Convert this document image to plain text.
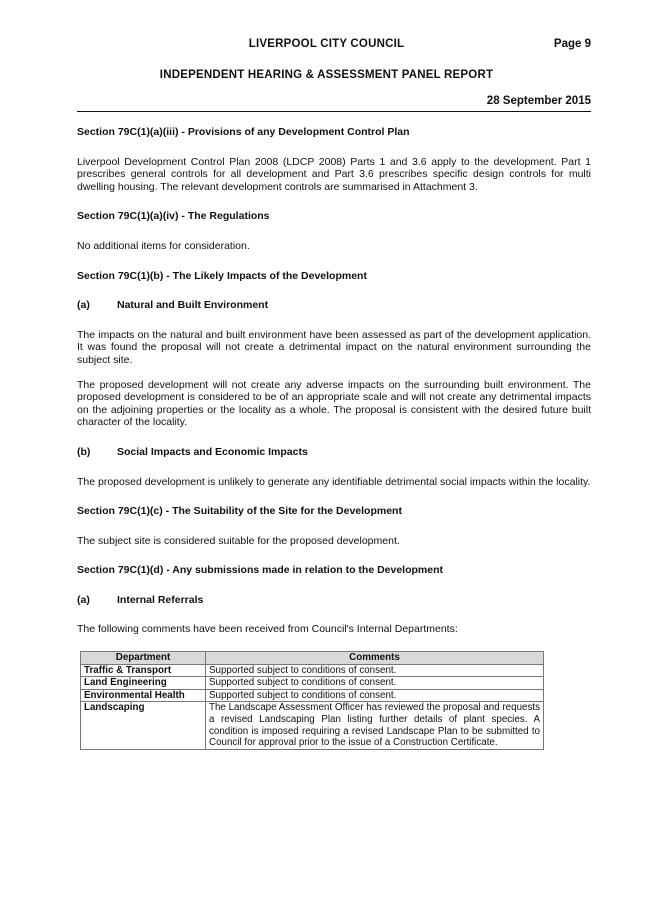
LIVERPOOL CITY COUNCIL	Page 9
INDEPENDENT HEARING & ASSESSMENT PANEL REPORT
28 September 2015

Section 79C(1)(a)(iii) - Provisions of any Development Control Plan

Liverpool Development Control Plan 2008 (LDCP 2008) Parts 1 and 3.6 apply to the development. Part 1 prescribes general controls for all development and Part 3.6 prescribes specific design controls for multi dwelling housing. The relevant development controls are summarised in Attachment 3.

Section 79C(1)(a)(iv) - The Regulations

No additional items for consideration.

Section 79C(1)(b) - The Likely Impacts of the Development

(a)	Natural and Built Environment

The impacts on the natural and built environment have been assessed as part of the development application. It was found the proposal will not create a detrimental impact on the natural environment surrounding the subject site.

The proposed development will not create any adverse impacts on the surrounding built environment. The proposed development is considered to be of an appropriate scale and will not create any detrimental impacts on the adjoining properties or the locality as a whole. The proposal is consistent with the desired future built character of the locality.

(b)	Social Impacts and Economic Impacts

The proposed development is unlikely to generate any identifiable detrimental social impacts within the locality.

Section 79C(1)(c) - The Suitability of the Site for the Development

The subject site is considered suitable for the proposed development.

Section 79C(1)(d) - Any submissions made in relation to the Development

(a)	Internal Referrals

The following comments have been received from Council's Internal Departments:

Department	Comments
Traffic & Transport	Supported subject to conditions of consent.
Land Engineering	Supported subject to conditions of consent.
Environmental Health	Supported subject to conditions of consent.
Landscaping	The Landscape Assessment Officer has reviewed the proposal and requests a revised Landscaping Plan listing further details of plant species. A condition is imposed requiring a revised Landscape Plan to be submitted to Council for approval prior to the issue of a Construction Certificate.
